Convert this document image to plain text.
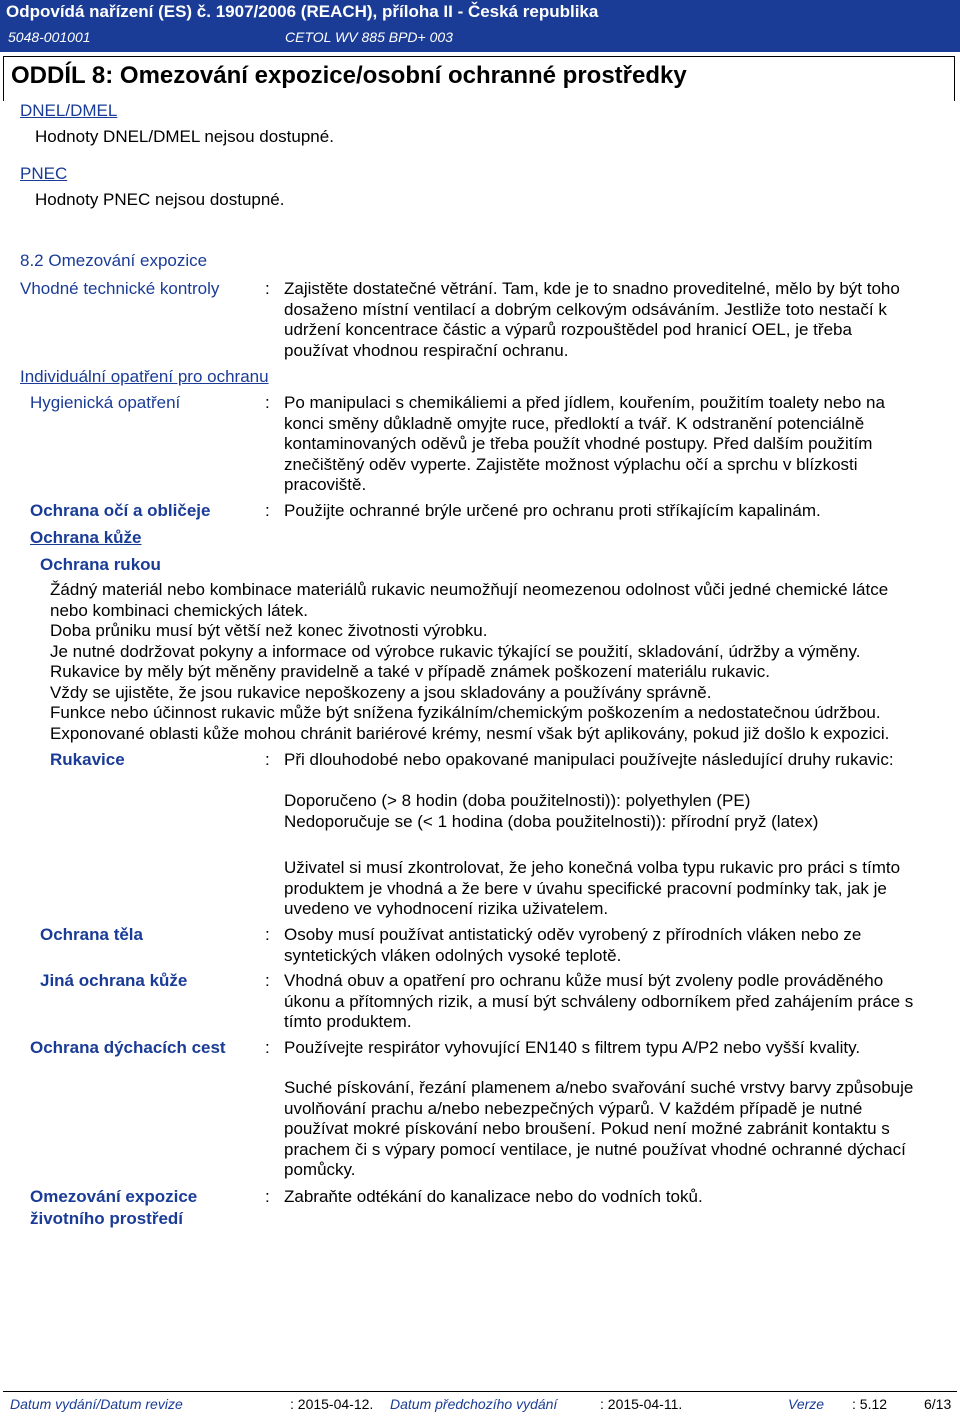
Odpovídá nařízení (ES) č. 1907/2006 (REACH), příloha II - Česká republika
5048-001001	CETOL WV 885 BPD+ 003
ODDÍL 8: Omezování expozice/osobní ochranné prostředky
DNEL/DMEL
Hodnoty DNEL/DMEL nejsou dostupné.
PNEC
Hodnoty PNEC nejsou dostupné.
8.2 Omezování expozice
Vhodné technické kontroly	: Zajistěte dostatečné větrání. Tam, kde je to snadno proveditelné, mělo by být toho
dosaženo místní ventilací a dobrým celkovým odsáváním. Jestliže toto nestačí k
udržení koncentrace částic a výparů rozpouštědel pod hranicí OEL, je třeba
používat vhodnou respirační ochranu.
Individuální opatření pro ochranu
Hygienická opatření	: Po manipulaci s chemikáliemi a před jídlem, kouřením, použitím toalety nebo na
konci směny důkladně omyjte ruce, předloktí a tvář. K odstranění potenciálně
kontaminovaných oděvů je třeba použít vhodné postupy. Před dalším použitím
znečištěný oděv vyperte. Zajistěte možnost výplachu očí a sprchu v blízkosti
pracoviště.
Ochrana očí a obličeje	: Použijte ochranné brýle určené pro ochranu proti stříkajícím kapalinám.
Ochrana kůže
Ochrana rukou
Žádný materiál nebo kombinace materiálů rukavic neumožňují neomezenou odolnost vůči jedné chemické látce
nebo kombinaci chemických látek.
Doba průniku musí být větší než konec životnosti výrobku.
Je nutné dodržovat pokyny a informace od výrobce rukavic týkající se použití, skladování, údržby a výměny.
Rukavice by měly být měněny pravidelně a také v případě známek poškození materiálu rukavic.
Vždy se ujistěte, že jsou rukavice nepoškozeny a jsou skladovány a používány správně.
Funkce nebo účinnost rukavic může být snížena fyzikálním/chemickým poškozením a nedostatečnou údržbou.
Exponované oblasti kůže mohou chránit bariérové krémy, nesmí však být aplikovány, pokud již došlo k expozici.
Rukavice	: Při dlouhodobé nebo opakované manipulaci používejte následující druhy rukavic:
Doporučeno (> 8 hodin (doba použitelnosti)): polyethylen (PE)
Nedoporučuje se (< 1 hodina (doba použitelnosti)): přírodní pryž (latex)
Uživatel si musí zkontrolovat, že jeho konečná volba typu rukavic pro práci s tímto
produktem je vhodná a že bere v úvahu specifické pracovní podmínky tak, jak je
uvedeno ve vyhodnocení rizika uživatelem.
Ochrana těla	: Osoby musí používat antistatický oděv vyrobený z přírodních vláken nebo ze
syntetických vláken odolných vysoké teplotě.
Jiná ochrana kůže	: Vhodná obuv a opatření pro ochranu kůže musí být zvoleny podle prováděného
úkonu a přítomných rizik, a musí být schváleny odborníkem před zahájením práce s
tímto produktem.
Ochrana dýchacích cest : Používejte respirátor vyhovující EN140 s filtrem typu A/P2 nebo vyšší kvality.
Suché pískování, řezání plamenem a/nebo svařování suché vrstvy barvy způsobuje
uvolňování prachu a/nebo nebezpečných výparů. V každém případě je nutné
používat mokré pískování nebo broušení. Pokud není možné zabránit kontaktu s
prachem či s výpary pomocí ventilace, je nutné používat vhodné ochranné dýchací
pomůcky.
Omezování expozice
životního prostředí
: Zabraňte odtékání do kanalizace nebo do vodních toků.
Datum vydání/Datum revize	: 2015-04-12. Datum předchozího vydání	: 2015-04-11.	Verze : 5.12	6/13
